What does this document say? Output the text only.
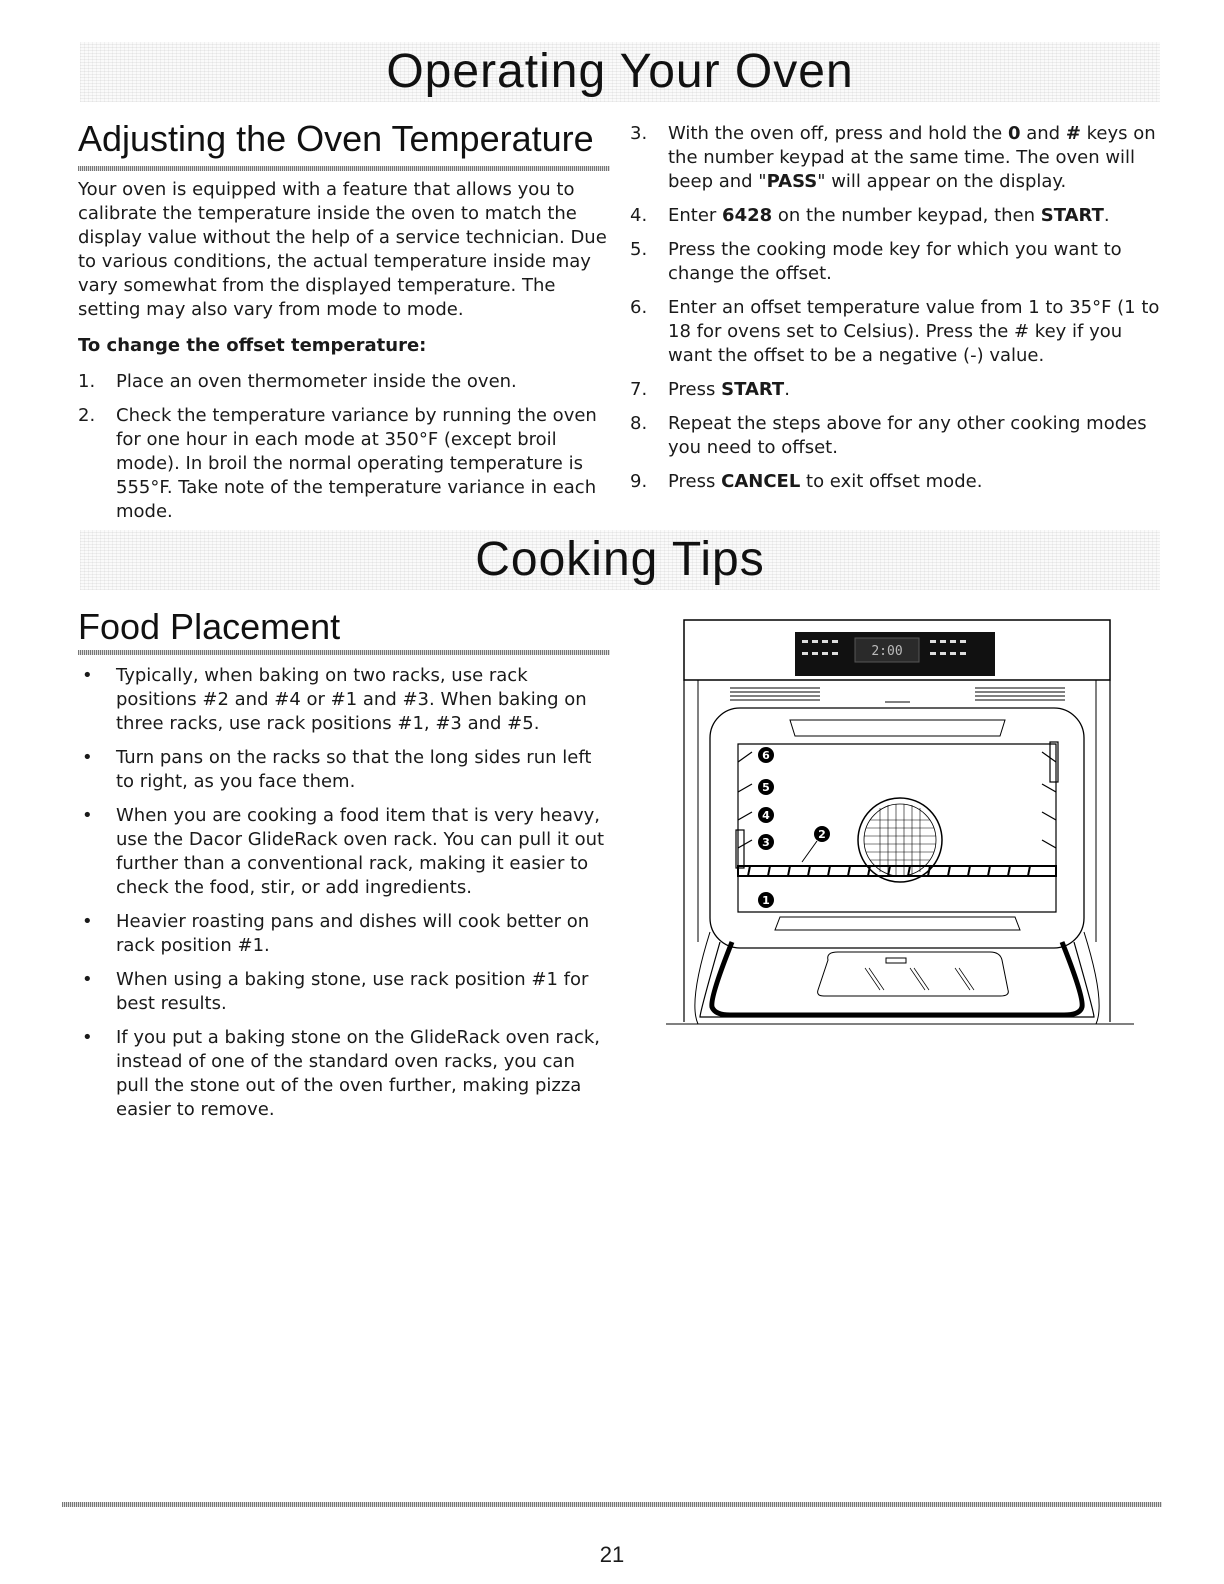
Operating Your Oven
Adjusting the Oven Temperature

Your oven is equipped with a feature that allows you to calibrate the temperature inside the oven to match the display value without the help of a service technician. Due to various conditions, the actual temperature inside may vary somewhat from the displayed temperature. The setting may also vary from mode to mode.

To change the offset temperature:
1.	Place an oven thermometer inside the oven.
2.	Check the temperature variance by running the oven for one hour in each mode at 350°F (except broil mode). In broil the normal operating temperature is 555°F. Take note of the temperature variance in each mode.
3.	With the oven off, press and hold the 0 and # keys on the number keypad at the same time. The oven will beep and "PASS" will appear on the display.
4.	Enter 6428 on the number keypad, then START.
5.	Press the cooking mode key for which you want to change the offset.
6.	Enter an offset temperature value from 1 to 35°F (1 to 18 for ovens set to Celsius). Press the # key if you want the offset to be a negative (-) value.
7.	Press START.
8.	Repeat the steps above for any other cooking modes you need to offset.
9.	Press CANCEL to exit offset mode.
Cooking Tips
Food Placement
• Typically, when baking on two racks, use rack positions #2 and #4 or #1 and #3. When baking on three racks, use rack positions #1, #3 and #5.
• Turn pans on the racks so that the long sides run left to right, as you face them.
• When you are cooking a food item that is very heavy, use the Dacor GlideRack oven rack. You can pull it out further than a conventional rack, making it easier to check the food, stir, or add ingredients.
• Heavier roasting pans and dishes will cook better on rack position #1.
• When using a baking stone, use rack position #1 for best results.
• If you put a baking stone on the GlideRack oven rack, instead of one of the standard oven racks, you can pull the stone out of the oven further, making pizza easier to remove.
2:00
6
5
4
3
2
1
21
